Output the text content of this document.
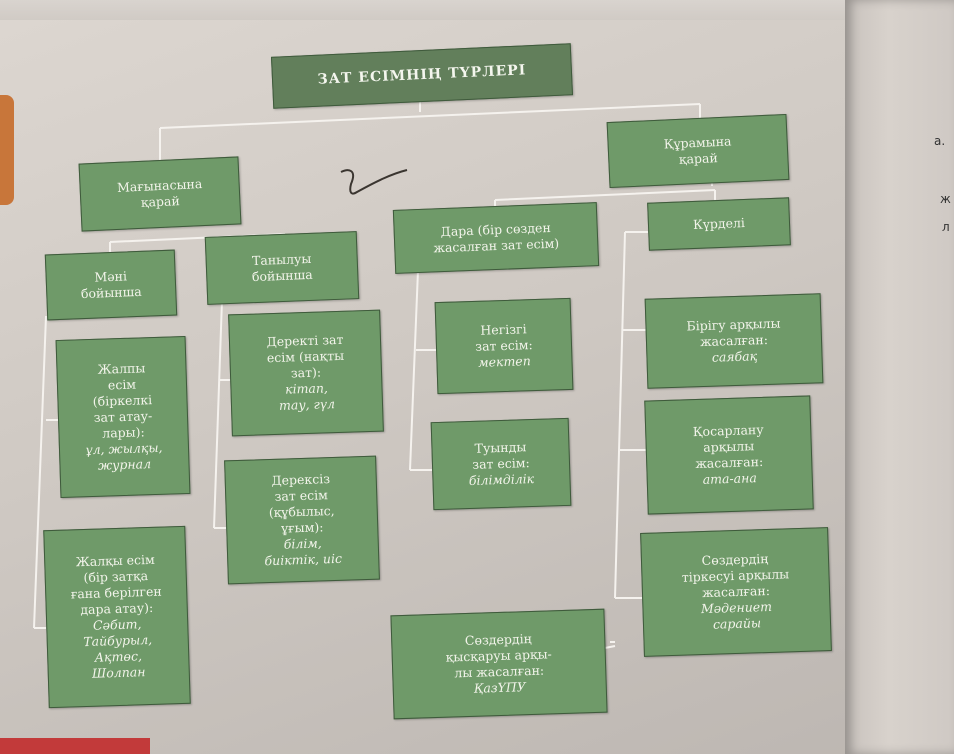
а.
ж
л
ЗАТ ЕСІМНІҢ ТҮРЛЕРІ
Мағынасына
қарай
Құрамына
қарай
Мәні
бойынша
Танылуы
бойынша
Дара (бір сөзден
жасалған зат есім)
Күрделі
Жалпы
есім
(біркелкі
зат атау-
лары):
ұл, жылқы,
журнал
Жалқы есім
(бір затқа
ғана берілген
дара атау):
Сәбит,
Тайбурыл,
Ақтөс,
Шолпан
Деректі зат
есім (нақты
зат):
кітап,
тау, гүл
Дерексіз
зат есім
(құбылыс,
ұғым):
білім,
биіктік, иіс
Негізгі
зат есім:
мектеп
Туынды
зат есім:
білімділік
Бірігу арқылы
жасалған:
саябақ
Қосарлану
арқылы
жасалған:
ата-ана
Сөздердің
тіркесуі арқылы
жасалған:
Мәдениет
сарайы
Сөздердің
қысқаруы арқы-
лы жасалған:
ҚазҮПУ
